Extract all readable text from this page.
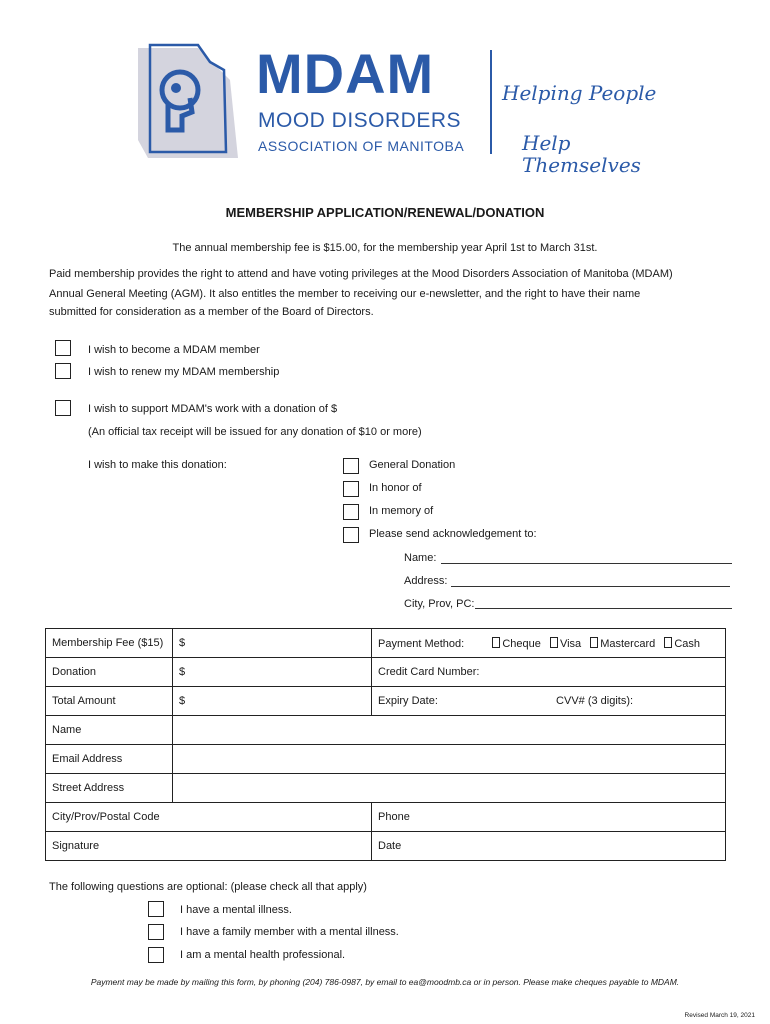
MDAM
MOOD DISORDERS
ASSOCIATION OF MANITOBA
Helping People
Help Themselves
MEMBERSHIP APPLICATION/RENEWAL/DONATION
The annual membership fee is $15.00, for the membership year April 1st to March 31st.
Paid membership provides the right to attend and have voting privileges at the Mood Disorders Association of Manitoba (MDAM)
Annual General Meeting (AGM). It also entitles the member to receiving our e-newsletter, and the right to have their name
submitted for consideration as a member of the Board of Directors.
I wish to become a MDAM member
I wish to renew my MDAM membership
I wish to support MDAM's work with a donation of $
(An official tax receipt will be issued for any donation of $10 or more)
I wish to make this donation:	General Donation
In honor of
In memory of
Please send acknowledgement to:
Name:
Address:
City, Prov, PC:
Membership Fee ($15)	$	Payment Method: Cheque Visa Mastercard Cash
Donation	$	Credit Card Number:
Total Amount	$	Expiry Date: CVV# (3 digits):
Name		
Email Address		
Street Address		
City/Prov/Postal Code		Phone
Signature		Date
The following questions are optional: (please check all that apply)
I have a mental illness.
I have a family member with a mental illness.
I am a mental health professional.
Payment may be made by mailing this form, by phoning (204) 786-0987, by email to ea@moodmb.ca or in person. Please make cheques payable to MDAM.
Revised March 19, 2021
